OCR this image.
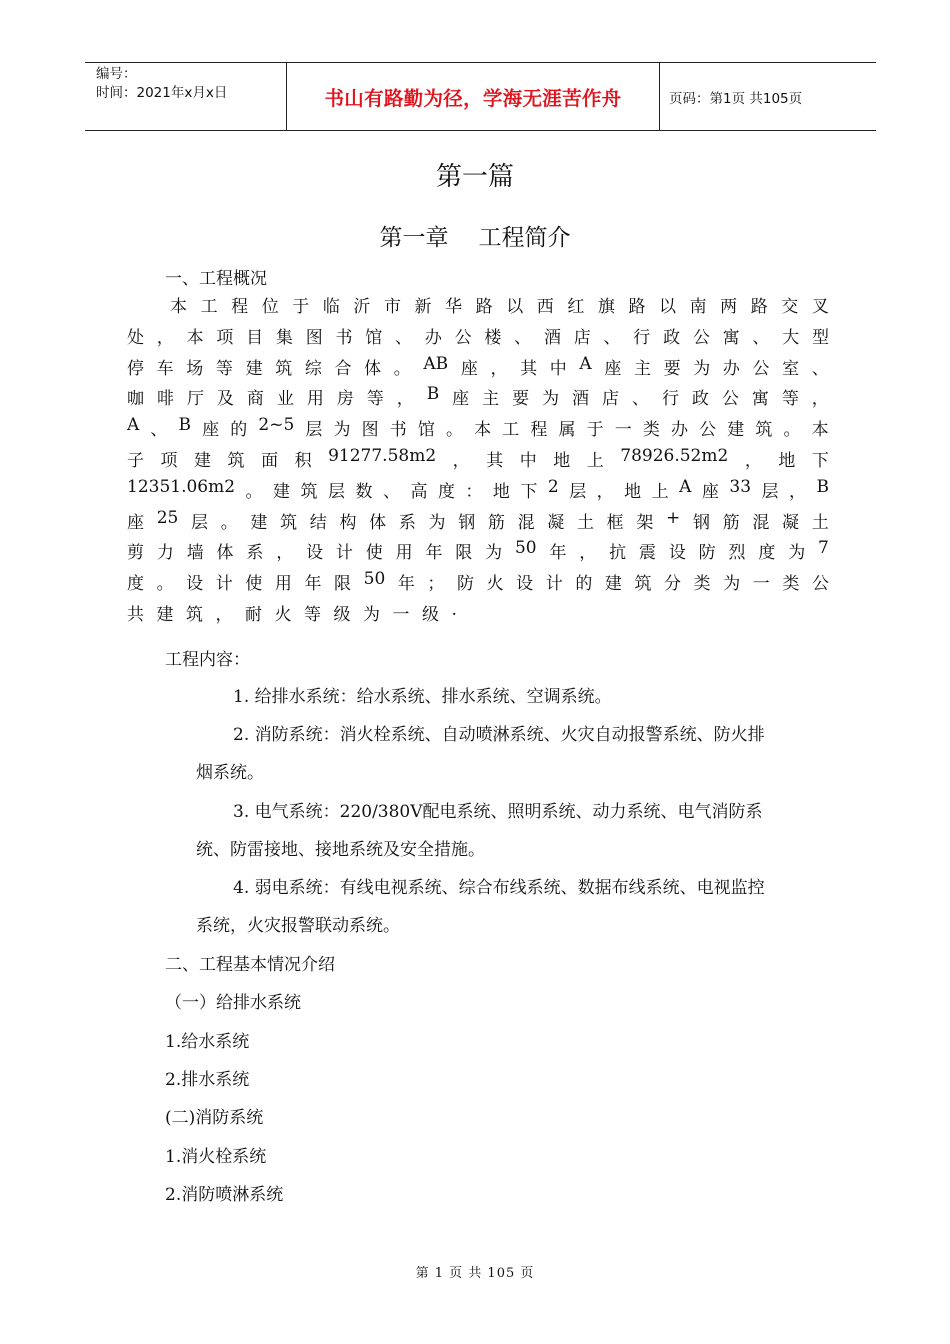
编号：
时间：2021年x月x日	书山有路勤为径，学海无涯苦作舟	页码：第1页 共105页
第一篇
第一章 工程简介
一、工程概况
本 工 程 位 于 临 沂 市 新 华 路 以 西 红 旗 路 以 南 两 路 交 叉
处 ， 本 项 目 集 图 书 馆 、 办 公 楼 、 酒 店 、 行 政 公 寓 、 大 型
停 车 场 等 建 筑 综 合 体 。 AB 座 ， 其 中 A 座 主 要 为 办 公 室 、
咖 啡 厅 及 商 业 用 房 等 ， B 座 主 要 为 酒 店 、 行 政 公 寓 等 ，
A 、 B 座 的 2~5 层 为 图 书 馆 。 本 工 程 属 于 一 类 办 公 建 筑 。 本
子 项 建 筑 面 积 91277.58m2 ， 其 中 地 上 78926.52m2 ， 地 下
12351.06m2 。 建 筑 层 数 、 高 度 ： 地 下 2 层 ， 地 上 A 座 33 层 ， B
座 25 层 。 建 筑 结 构 体 系 为 钢 筋 混 凝 土 框 架 + 钢 筋 混 凝 土
剪 力 墙 体 系 ， 设 计 使 用 年 限 为 50 年 ， 抗 震 设 防 烈 度 为 7
度 。 设 计 使 用 年 限 50 年 ； 防 火 设 计 的 建 筑 分 类 为 一 类 公
共 建 筑 ， 耐 火 等 级 为 一 级 .
工程内容：
1. 给排水系统：给水系统、排水系统、空调系统。
2. 消防系统：消火栓系统、自动喷淋系统、火灾自动报警系统、防火排
烟系统。
3. 电气系统：220/380V配电系统、照明系统、动力系统、电气消防系
统、防雷接地、接地系统及安全措施。
4. 弱电系统：有线电视系统、综合布线系统、数据布线系统、电视监控
系统，火灾报警联动系统。
二、工程基本情况介绍
（一）给排水系统
1.给水系统
2.排水系统
(二)消防系统
1.消火栓系统
2.消防喷淋系统
第 1 页 共 105 页
